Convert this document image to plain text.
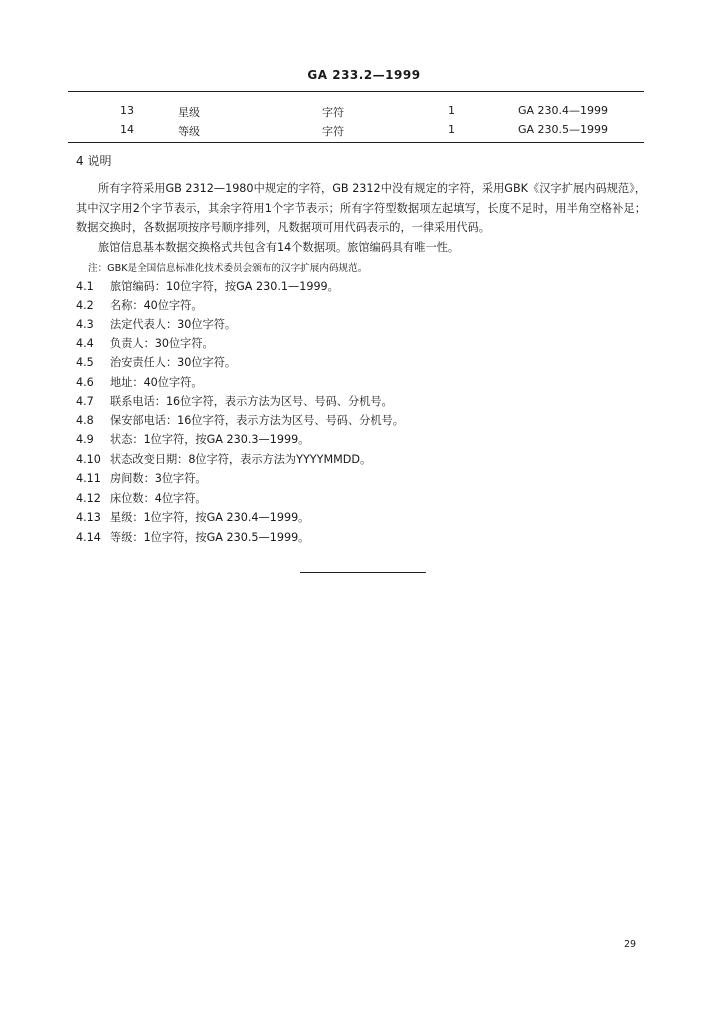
GA 233.2—1999
13	星级	字符	1	GA 230.4—1999
14	等级	字符	1	GA 230.5—1999
4 说明
所有字符采用GB 2312—1980中规定的字符，GB 2312中没有规定的字符，采用GBK《汉字扩展内码规范》，其中汉字用2个字节表示，其余字符用1个字节表示；所有字符型数据项左起填写，长度不足时，用半角空格补足；数据交换时，各数据项按序号顺序排列，凡数据项可用代码表示的，一律采用代码。
旅馆信息基本数据交换格式共包含有14个数据项。旅馆编码具有唯一性。
注：GBK是全国信息标准化技术委员会颁布的汉字扩展内码规范。
4.1 旅馆编码：10位字符，按GA 230.1—1999。
4.2 名称：40位字符。
4.3 法定代表人：30位字符。
4.4 负责人：30位字符。
4.5 治安责任人：30位字符。
4.6 地址：40位字符。
4.7 联系电话：16位字符，表示方法为区号、号码、分机号。
4.8 保安部电话：16位字符，表示方法为区号、号码、分机号。
4.9 状态：1位字符，按GA 230.3—1999。
4.10 状态改变日期：8位字符，表示方法为YYYYMMDD。
4.11 房间数：3位字符。
4.12 床位数：4位字符。
4.13 星级：1位字符，按GA 230.4—1999。
4.14 等级：1位字符，按GA 230.5—1999。
29
